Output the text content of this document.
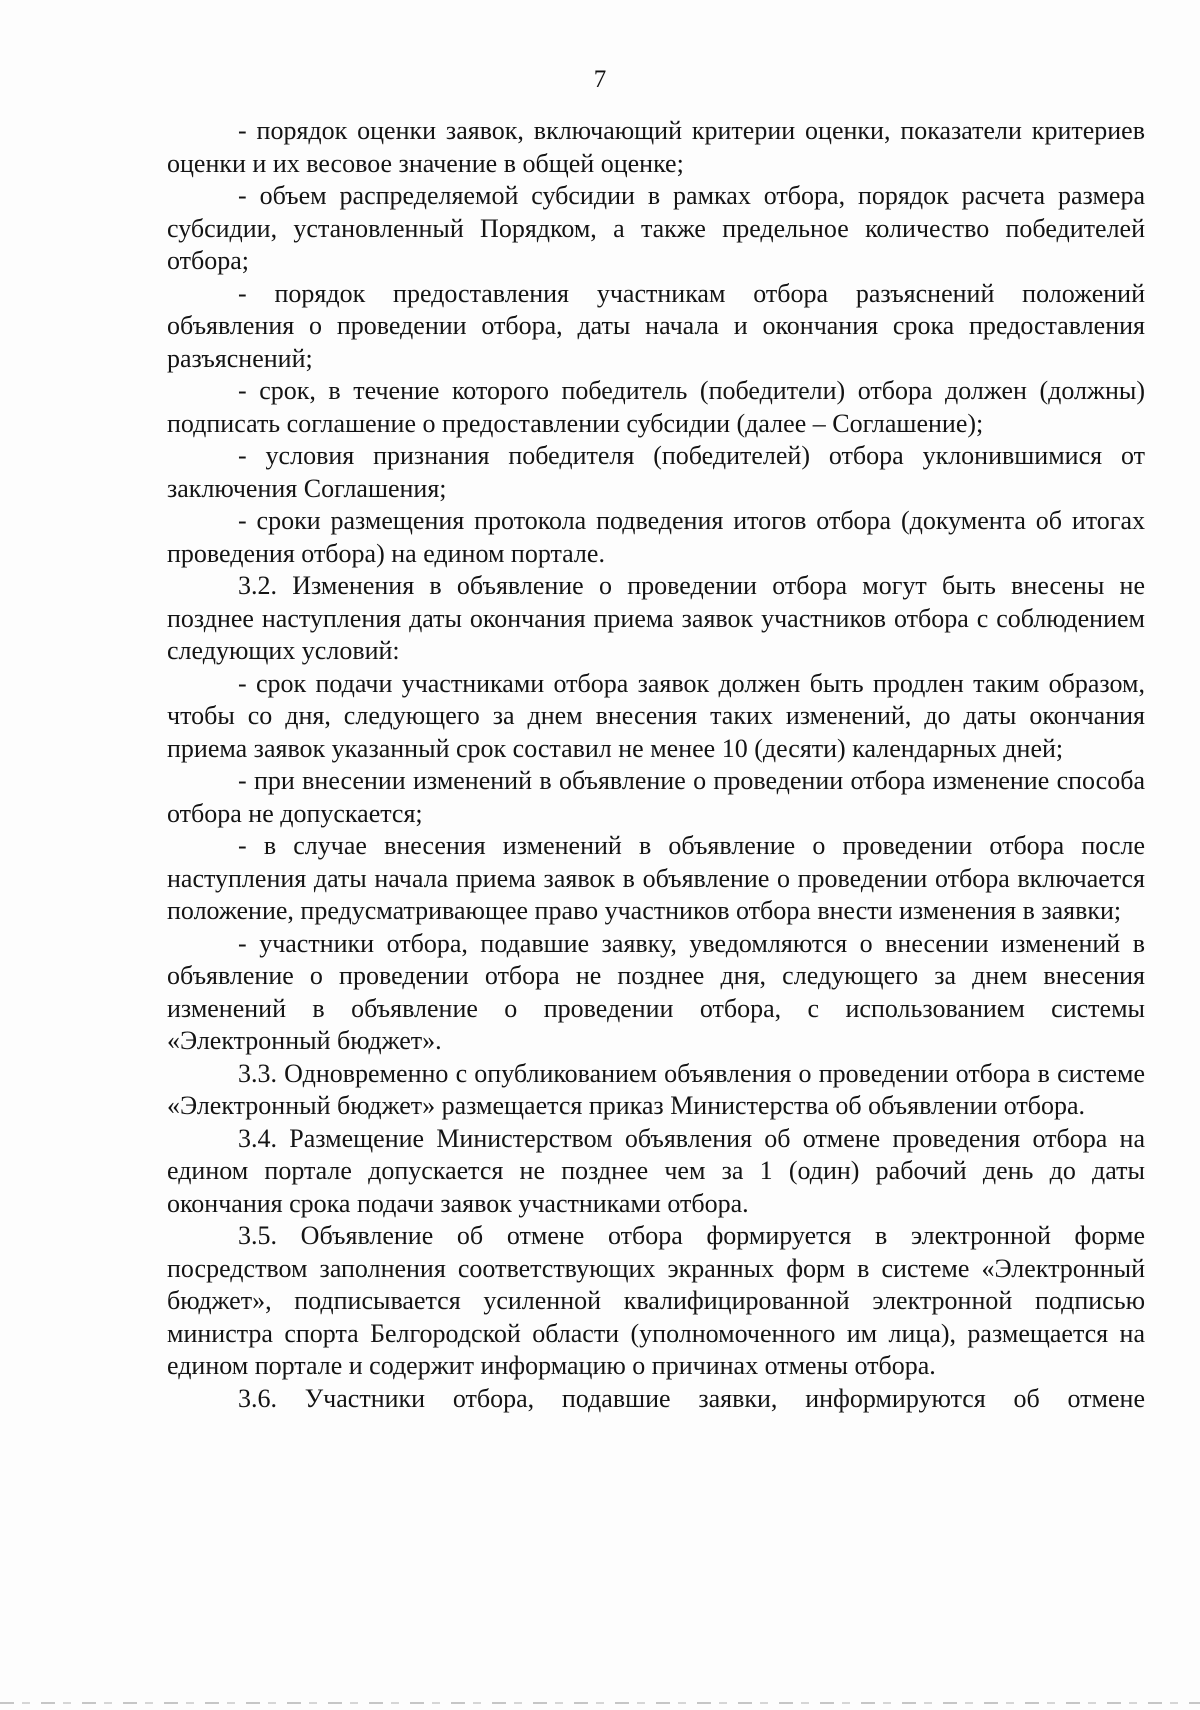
7

- порядок оценки заявок, включающий критерии оценки, показатели критериев оценки и их весовое значение в общей оценке;

- объем распределяемой субсидии в рамках отбора, порядок расчета размера субсидии, установленный Порядком, а также предельное количество победителей отбора;

- порядок предоставления участникам отбора разъяснений положений объявления о проведении отбора, даты начала и окончания срока предоставления разъяснений;

- срок, в течение которого победитель (победители) отбора должен (должны) подписать соглашение о предоставлении субсидии (далее – Соглашение);

- условия признания победителя (победителей) отбора уклонившимися от заключения Соглашения;

- сроки размещения протокола подведения итогов отбора (документа об итогах проведения отбора) на едином портале.

3.2. Изменения в объявление о проведении отбора могут быть внесены не позднее наступления даты окончания приема заявок участников отбора с соблюдением следующих условий:

- срок подачи участниками отбора заявок должен быть продлен таким образом, чтобы со дня, следующего за днем внесения таких изменений, до даты окончания приема заявок указанный срок составил не менее 10 (десяти) календарных дней;

- при внесении изменений в объявление о проведении отбора изменение способа отбора не допускается;

- в случае внесения изменений в объявление о проведении отбора после наступления даты начала приема заявок в объявление о проведении отбора включается положение, предусматривающее право участников отбора внести изменения в заявки;

- участники отбора, подавшие заявку, уведомляются о внесении изменений в объявление о проведении отбора не позднее дня, следующего за днем внесения изменений в объявление о проведении отбора, с использованием системы «Электронный бюджет».

3.3. Одновременно с опубликованием объявления о проведении отбора в системе «Электронный бюджет» размещается приказ Министерства об объявлении отбора.

3.4. Размещение Министерством объявления об отмене проведения отбора на едином портале допускается не позднее чем за 1 (один) рабочий день до даты окончания срока подачи заявок участниками отбора.

3.5. Объявление об отмене отбора формируется в электронной форме посредством заполнения соответствующих экранных форм в системе «Электронный бюджет», подписывается усиленной квалифицированной электронной подписью министра спорта Белгородской области (уполномоченного им лица), размещается на едином портале и содержит информацию о причинах отмены отбора.

3.6. Участники отбора, подавшие заявки, информируются об отмене
